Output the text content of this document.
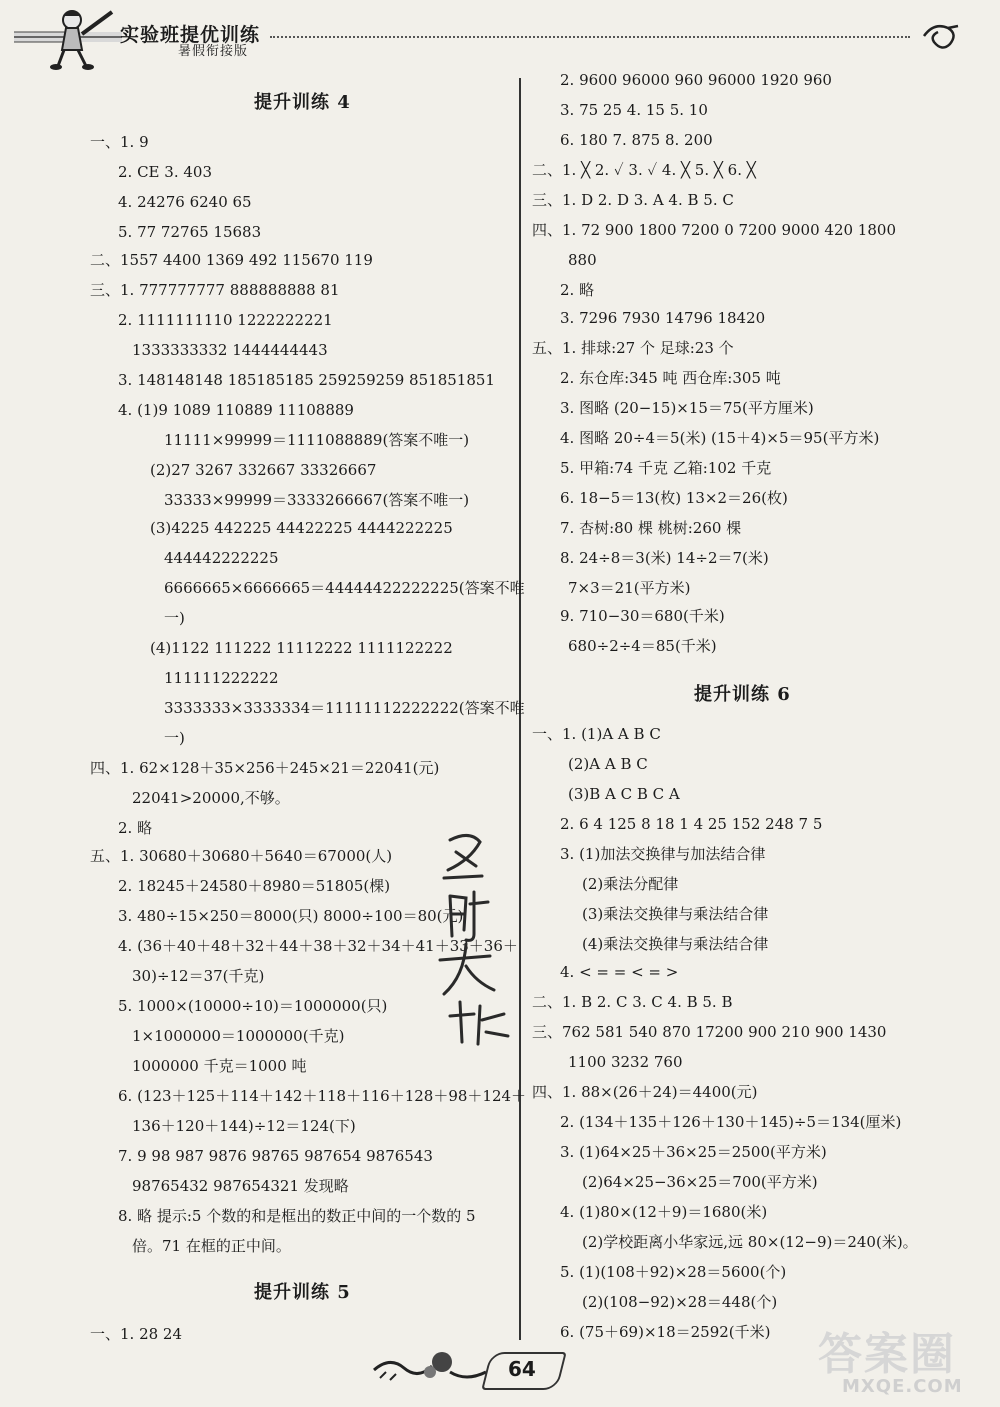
实验班提优训练
暑假衔接版
提升训练 4
提升训练 5
提升训练 6
一、1. 9
2. CE 3. 403
4. 24276 6240 65
5. 77 72765 15683
二、1557 4400 1369 492 115670 119
三、1. 777777777 888888888 81
2. 1111111110 1222222221
1333333332 1444444443
3. 148148148 185185185 259259259 851851851
4. (1)9 1089 110889 11108889
11111×99999＝1111088889(答案不唯一)
(2)27 3267 332667 33326667
33333×99999＝3333266667(答案不唯一)
(3)4225 442225 44422225 4444222225
444442222225
6666665×6666665＝44444422222225(答案不唯
一)
(4)1122 111222 11112222 1111122222
111111222222
3333333×3333334＝11111112222222(答案不唯
一)
四、1. 62×128＋35×256＋245×21＝22041(元)
22041>20000,不够。
2. 略
五、1. 30680＋30680＋5640＝67000(人)
2. 18245＋24580＋8980＝51805(棵)
3. 480÷15×250＝8000(只) 8000÷100＝80(元)
4. (36＋40＋48＋32＋44＋38＋32＋34＋41＋33＋36＋
30)÷12＝37(千克)
5. 1000×(10000÷10)＝1000000(只)
1×1000000＝1000000(千克)
1000000 千克＝1000 吨
6. (123＋125＋114＋142＋118＋116＋128＋98＋124＋
136＋120＋144)÷12＝124(下)
7. 9 98 987 9876 98765 987654 9876543
98765432 987654321 发现略
8. 略 提示:5 个数的和是框出的数正中间的一个数的 5
倍。71 在框的正中间。
一、1. 28 24
2. 9600 96000 960 96000 1920 960
3. 75 25 4. 15 5. 10
6. 180 7. 875 8. 200
二、1. ╳ 2. ✓ 3. ✓ 4. ╳ 5. ╳ 6. ╳
三、1. D 2. D 3. A 4. B 5. C
四、1. 72 900 1800 7200 0 7200 9000 420 1800
880
2. 略
3. 7296 7930 14796 18420
五、1. 排球:27 个 足球:23 个
2. 东仓库:345 吨 西仓库:305 吨
3. 图略 (20−15)×15＝75(平方厘米)
4. 图略 20÷4＝5(米) (15＋4)×5＝95(平方米)
5. 甲箱:74 千克 乙箱:102 千克
6. 18−5＝13(枚) 13×2＝26(枚)
7. 杏树:80 棵 桃树:260 棵
8. 24÷8＝3(米) 14÷2＝7(米)
7×3＝21(平方米)
9. 710−30＝680(千米)
680÷2÷4＝85(千米)
一、1. (1)A A B C
(2)A A B C
(3)B A C B C A
2. 6 4 125 8 18 1 4 25 152 248 7 5
3. (1)加法交换律与加法结合律
(2)乘法分配律
(3)乘法交换律与乘法结合律
(4)乘法交换律与乘法结合律
4. < = = < = >
二、1. B 2. C 3. C 4. B 5. B
三、762 581 540 870 17200 900 210 900 1430
1100 3232 760
四、1. 88×(26＋24)＝4400(元)
2. (134＋135＋126＋130＋145)÷5＝134(厘米)
3. (1)64×25＋36×25＝2500(平方米)
(2)64×25−36×25＝700(平方米)
4. (1)80×(12＋9)＝1680(米)
(2)学校距离小华家远,远 80×(12−9)＝240(米)。
5. (1)(108＋92)×28＝5600(个)
(2)(108−92)×28＝448(个)
6. (75＋69)×18＝2592(千米)
64	答案圈
MXQE.COM
